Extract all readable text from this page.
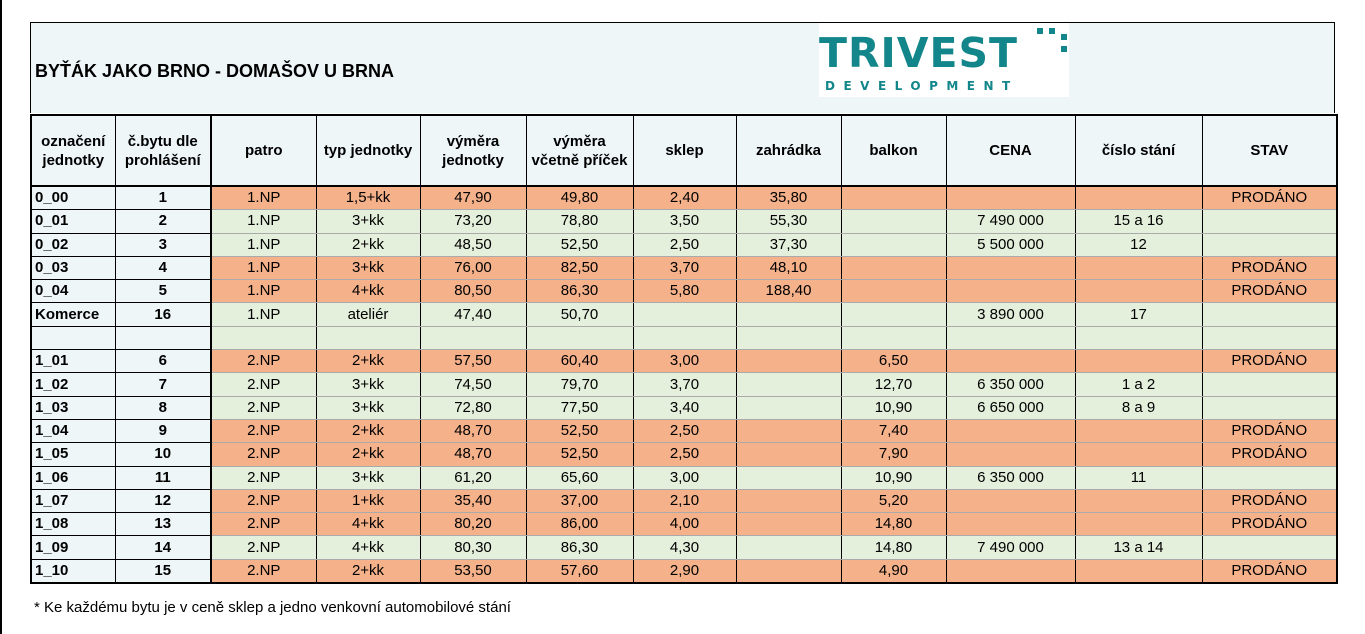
BYŤÁK JAKO BRNO - DOMAŠOV U BRNA	TRIVEST
DEVELOPMENT
označení jednotky	č.bytu dle prohlášení	patro	typ jednotky	výměra jednotky	výměra včetně příček	sklep	zahrádka	balkon	CENA	číslo stání	STAV
0_00	1	1.NP	1,5+kk	47,90	49,80	2,40	35,80				PRODÁNO
0_01	2	1.NP	3+kk	73,20	78,80	3,50	55,30		7 490 000	15 a 16	
0_02	3	1.NP	2+kk	48,50	52,50	2,50	37,30		5 500 000	12	
0_03	4	1.NP	3+kk	76,00	82,50	3,70	48,10				PRODÁNO
0_04	5	1.NP	4+kk	80,50	86,30	5,80	188,40				PRODÁNO
Komerce	16	1.NP	ateliér	47,40	50,70				3 890 000	17	

1_01	6	2.NP	2+kk	57,50	60,40	3,00		6,50			PRODÁNO
1_02	7	2.NP	3+kk	74,50	79,70	3,70		12,70	6 350 000	1 a 2	
1_03	8	2.NP	3+kk	72,80	77,50	3,40		10,90	6 650 000	8 a 9	
1_04	9	2.NP	2+kk	48,70	52,50	2,50		7,40			PRODÁNO
1_05	10	2.NP	2+kk	48,70	52,50	2,50		7,90			PRODÁNO
1_06	11	2.NP	3+kk	61,20	65,60	3,00		10,90	6 350 000	11	
1_07	12	2.NP	1+kk	35,40	37,00	2,10		5,20			PRODÁNO
1_08	13	2.NP	4+kk	80,20	86,00	4,00		14,80			PRODÁNO
1_09	14	2.NP	4+kk	80,30	86,30	4,30		14,80	7 490 000	13 a 14	
1_10	15	2.NP	2+kk	53,50	57,60	2,90		4,90			PRODÁNO
* Ke každému bytu je v ceně sklep a jedno venkovní automobilové stání
